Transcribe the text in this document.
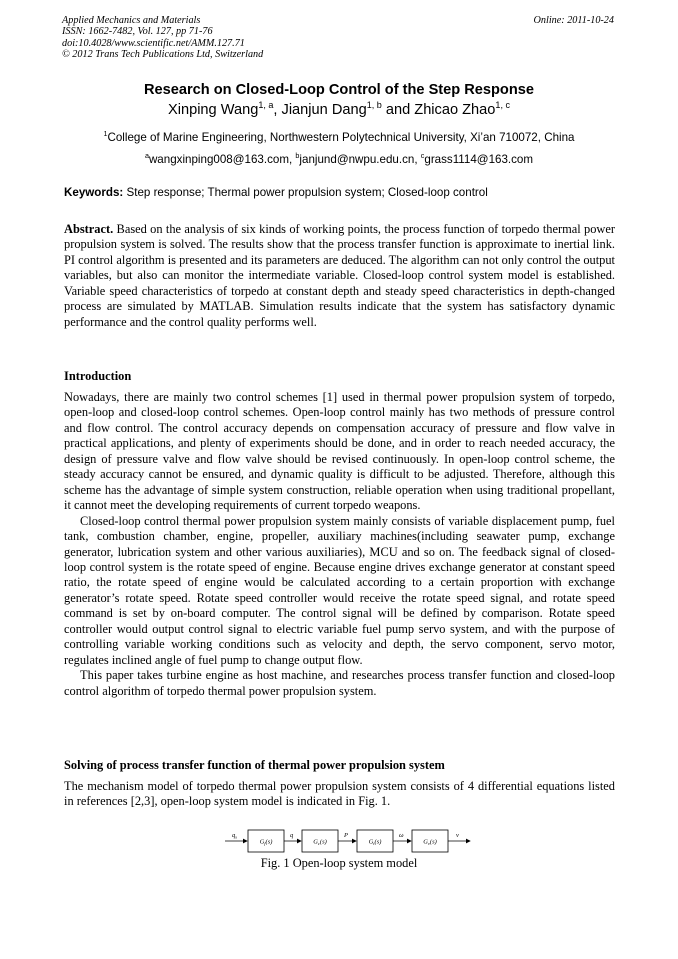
Applied Mechanics and Materials
ISSN: 1662-7482, Vol. 127, pp 71-76
doi:10.4028/www.scientific.net/AMM.127.71
© 2012 Trans Tech Publications Ltd, Switzerland
Online: 2011-10-24
Research on Closed-Loop Control of the Step Response
Xinping Wang$^{1, a}$, Jianjun Dang$^{1, b}$ and Zhicao Zhao$^{1, c}$
$^1$College of Marine Engineering, Northwestern Polytechnical University, Xi’an 710072, China
$^a$wangxinping008@163.com, $^b$janjund@nwpu.edu.cn, $^c$grass1114@163.com
Keywords: Step response; Thermal power propulsion system; Closed-loop control

Abstract. Based on the analysis of six kinds of working points, the process function of torpedo thermal power propulsion system is solved. The results show that the process transfer function is approximate to inertial link. PI control algorithm is presented and its parameters are deduced. The algorithm can not only control the output variables, but also can monitor the intermediate variable. Closed-loop control system model is established. Variable speed characteristics of torpedo at constant depth and steady speed characteristics in depth-changed process are simulated by MATLAB. Simulation results indicate that the system has satisfactory dynamic performance and the control quality performs well.

Introduction

Nowadays, there are mainly two control schemes [1] used in thermal power propulsion system of torpedo, open-loop and closed-loop control schemes. Open-loop control mainly has two methods of pressure control and flow control. The control accuracy depends on compensation accuracy of pressure and flow valve in practical applications, and plenty of experiments should be done, and in order to reach needed accuracy, the design of pressure valve and flow valve should be revised continuously. In open-loop control scheme, the steady accuracy cannot be ensured, and dynamic quality is difficult to be adjusted. Therefore, although this scheme has the advantage of simple system construction, reliable operation when using traditional propellant, it cannot meet the developing requirements of current torpedo weapons.

Closed-loop control thermal power propulsion system mainly consists of variable displacement pump, fuel tank, combustion chamber, engine, propeller, auxiliary machines(including seawater pump, exchange generator, lubrication system and other various auxiliaries), MCU and so on. The feedback signal of closed-loop control system is the rotate speed of engine. Because engine drives exchange generator at constant speed ratio, the rotate speed of engine would be calculated according to a certain proportion with exchange generator’s rotate speed. Rotate speed controller would receive the rotate speed signal, and rotate speed command is set by on-board computer. The control signal will be defined by comparison. Rotate speed controller would output control signal to electric variable fuel pump servo system, and with the purpose of controlling variable working conditions such as velocity and depth, the servo component, servo motor, regulates inclined angle of fuel pump to change output flow.

This paper takes turbine engine as host machine, and researches process transfer function and closed-loop control algorithm of torpedo thermal power propulsion system.

Solving of process transfer function of thermal power propulsion system

The mechanism model of torpedo thermal power propulsion system consists of 4 differential equations listed in references [2,3], open-loop system model is indicated in Fig. 1.

$q_s$	q	P	ω	v
$G_f(s)$	$G_c(s)$	$G_t(s)$	$G_v(s)$
Fig. 1 Open-loop system model
